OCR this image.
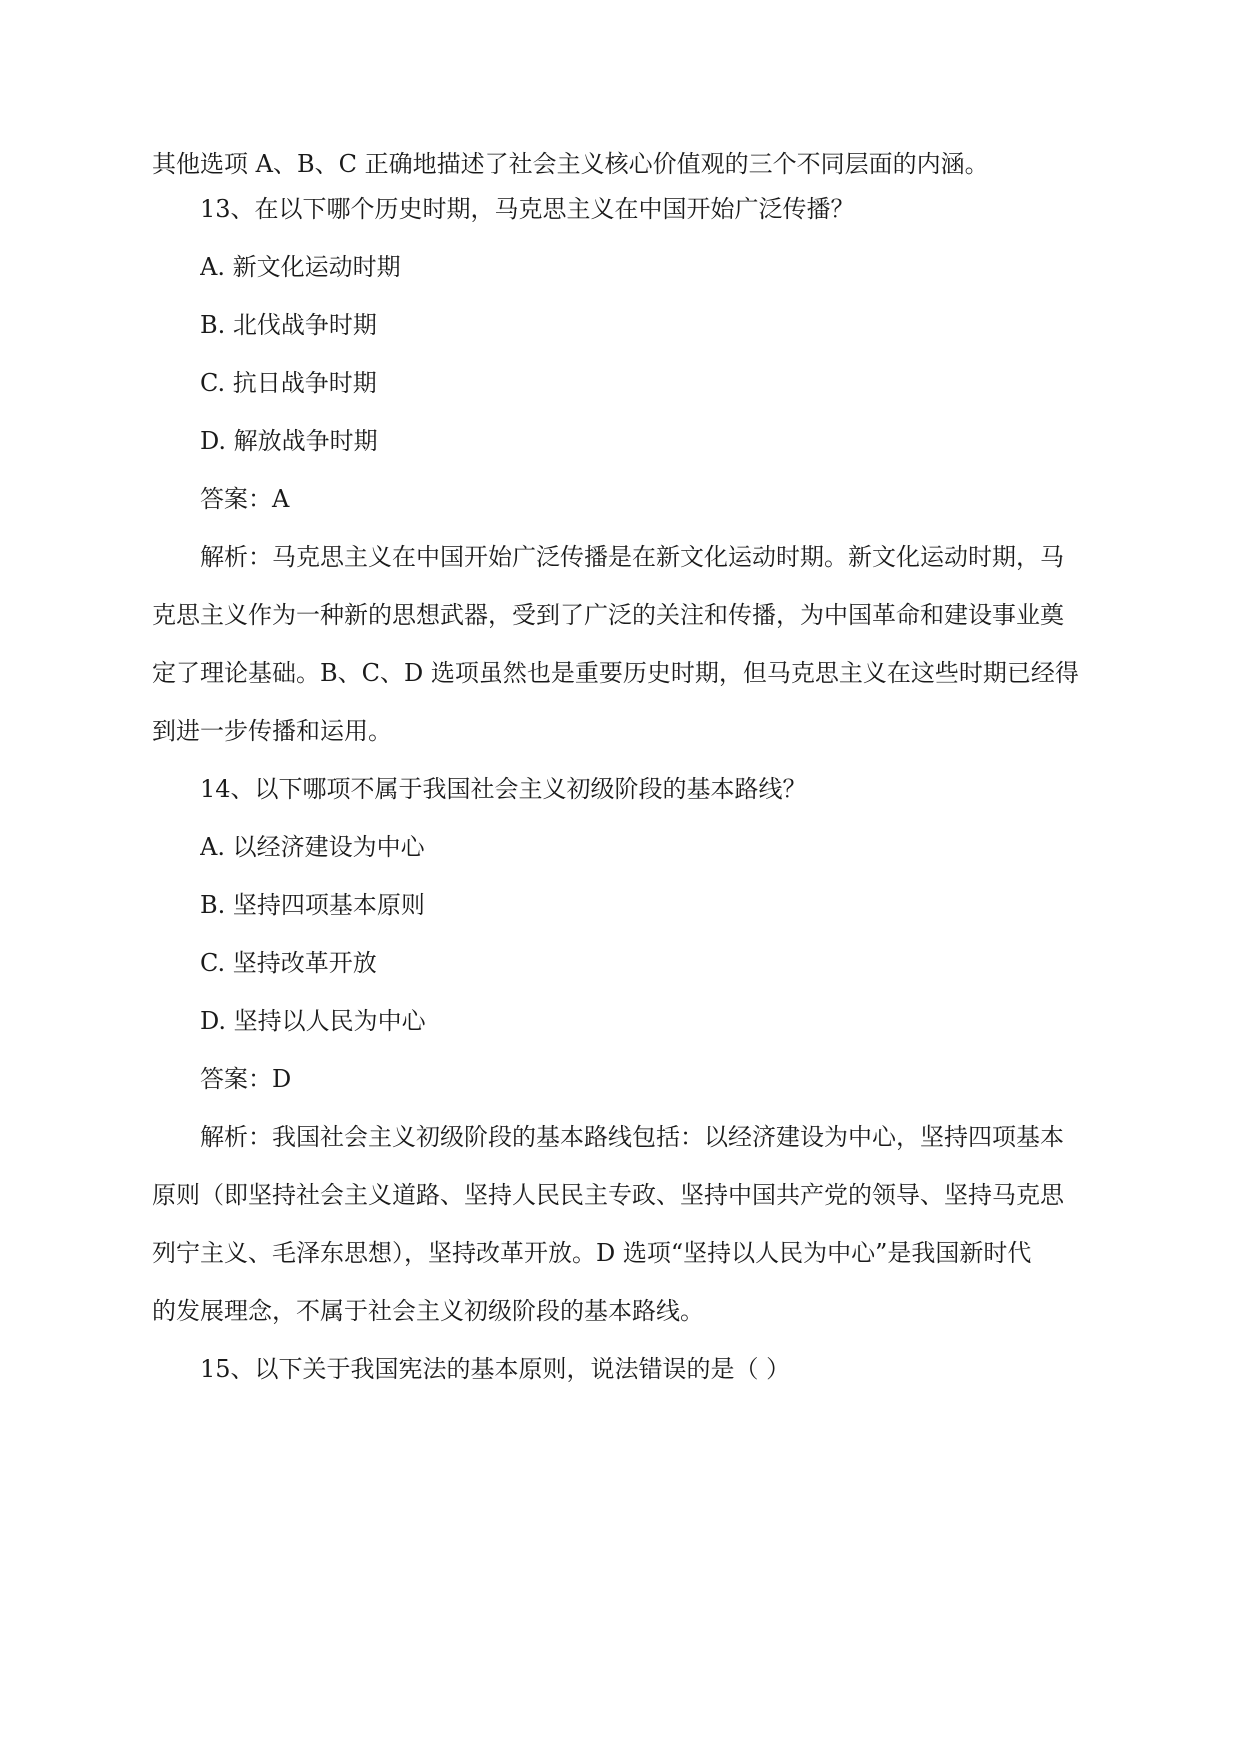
其他选项 A、B、C 正确地描述了社会主义核心价值观的三个不同层面的内涵。
13、在以下哪个历史时期，马克思主义在中国开始广泛传播？
A. 新文化运动时期
B. 北伐战争时期
C. 抗日战争时期
D. 解放战争时期
答案：A
解析：马克思主义在中国开始广泛传播是在新文化运动时期。新文化运动时期，马
克思主义作为一种新的思想武器，受到了广泛的关注和传播，为中国革命和建设事业奠
定了理论基础。B、C、D 选项虽然也是重要历史时期，但马克思主义在这些时期已经得
到进一步传播和运用。
14、以下哪项不属于我国社会主义初级阶段的基本路线？
A. 以经济建设为中心
B. 坚持四项基本原则
C. 坚持改革开放
D. 坚持以人民为中心
答案：D
解析：我国社会主义初级阶段的基本路线包括：以经济建设为中心，坚持四项基本
原则（即坚持社会主义道路、坚持人民民主专政、坚持中国共产党的领导、坚持马克思
列宁主义、毛泽东思想），坚持改革开放。D 选项“坚持以人民为中心”是我国新时代
的发展理念，不属于社会主义初级阶段的基本路线。
15、以下关于我国宪法的基本原则，说法错误的是（ ）
